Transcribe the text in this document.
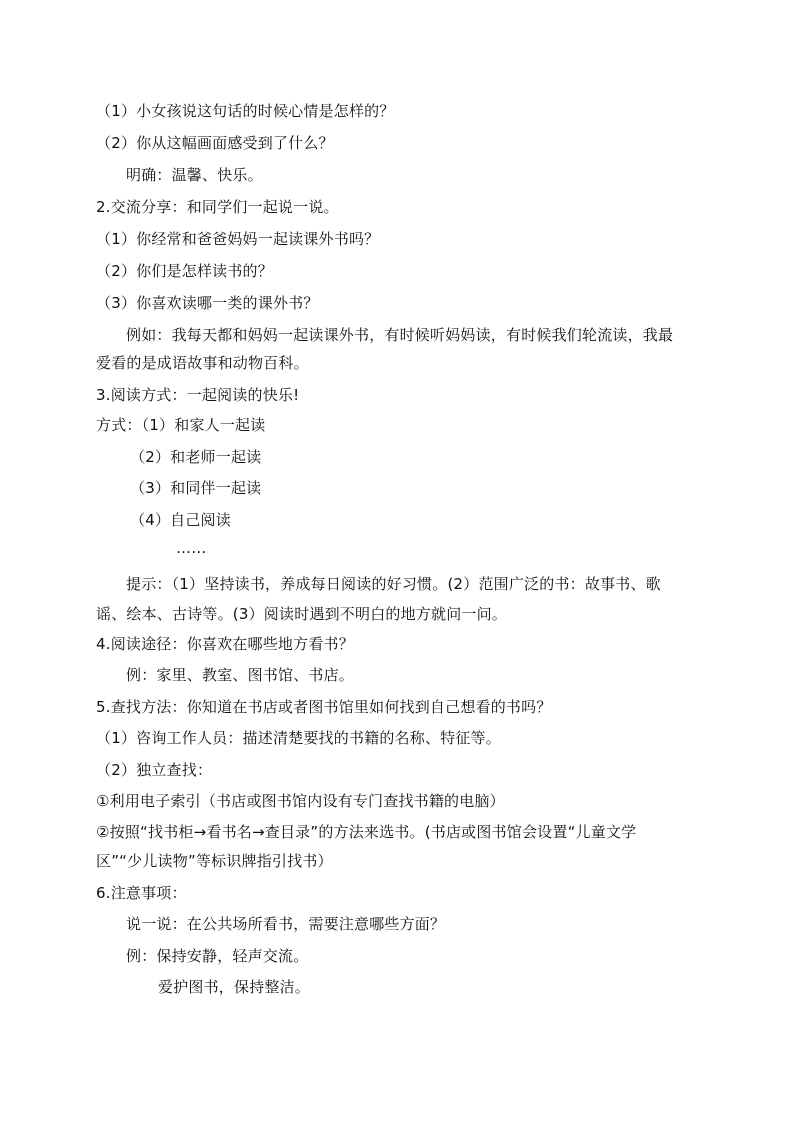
（1）小女孩说这句话的时候心情是怎样的？
（2）你从这幅画面感受到了什么？
明确：温馨、快乐。
2.交流分享：和同学们一起说一说。
（1）你经常和爸爸妈妈一起读课外书吗？
（2）你们是怎样读书的？
（3）你喜欢读哪一类的课外书？
例如：我每天都和妈妈一起读课外书，有时候听妈妈读，有时候我们轮流读，我最
爱看的是成语故事和动物百科。
3.阅读方式：一起阅读的快乐!
方式：（1）和家人一起读
（2）和老师一起读
（3）和同伴一起读
（4）自己阅读
……
提示：（1）坚持读书，养成每日阅读的好习惯。(2）范围广泛的书：故事书、歌
谣、绘本、古诗等。(3）阅读时遇到不明白的地方就问一问。
4.阅读途径：你喜欢在哪些地方看书？
例：家里、教室、图书馆、书店。
5.查找方法：你知道在书店或者图书馆里如何找到自己想看的书吗？
（1）咨询工作人员：描述清楚要找的书籍的名称、特征等。
（2）独立查找：
①利用电子索引（书店或图书馆内设有专门查找书籍的电脑）
②按照“找书柜→看书名→查目录”的方法来选书。(书店或图书馆会设置“儿童文学
区”“少儿读物”等标识牌指引找书）
6.注意事项：
说一说：在公共场所看书，需要注意哪些方面？
例：保持安静，轻声交流。
爱护图书，保持整洁。
